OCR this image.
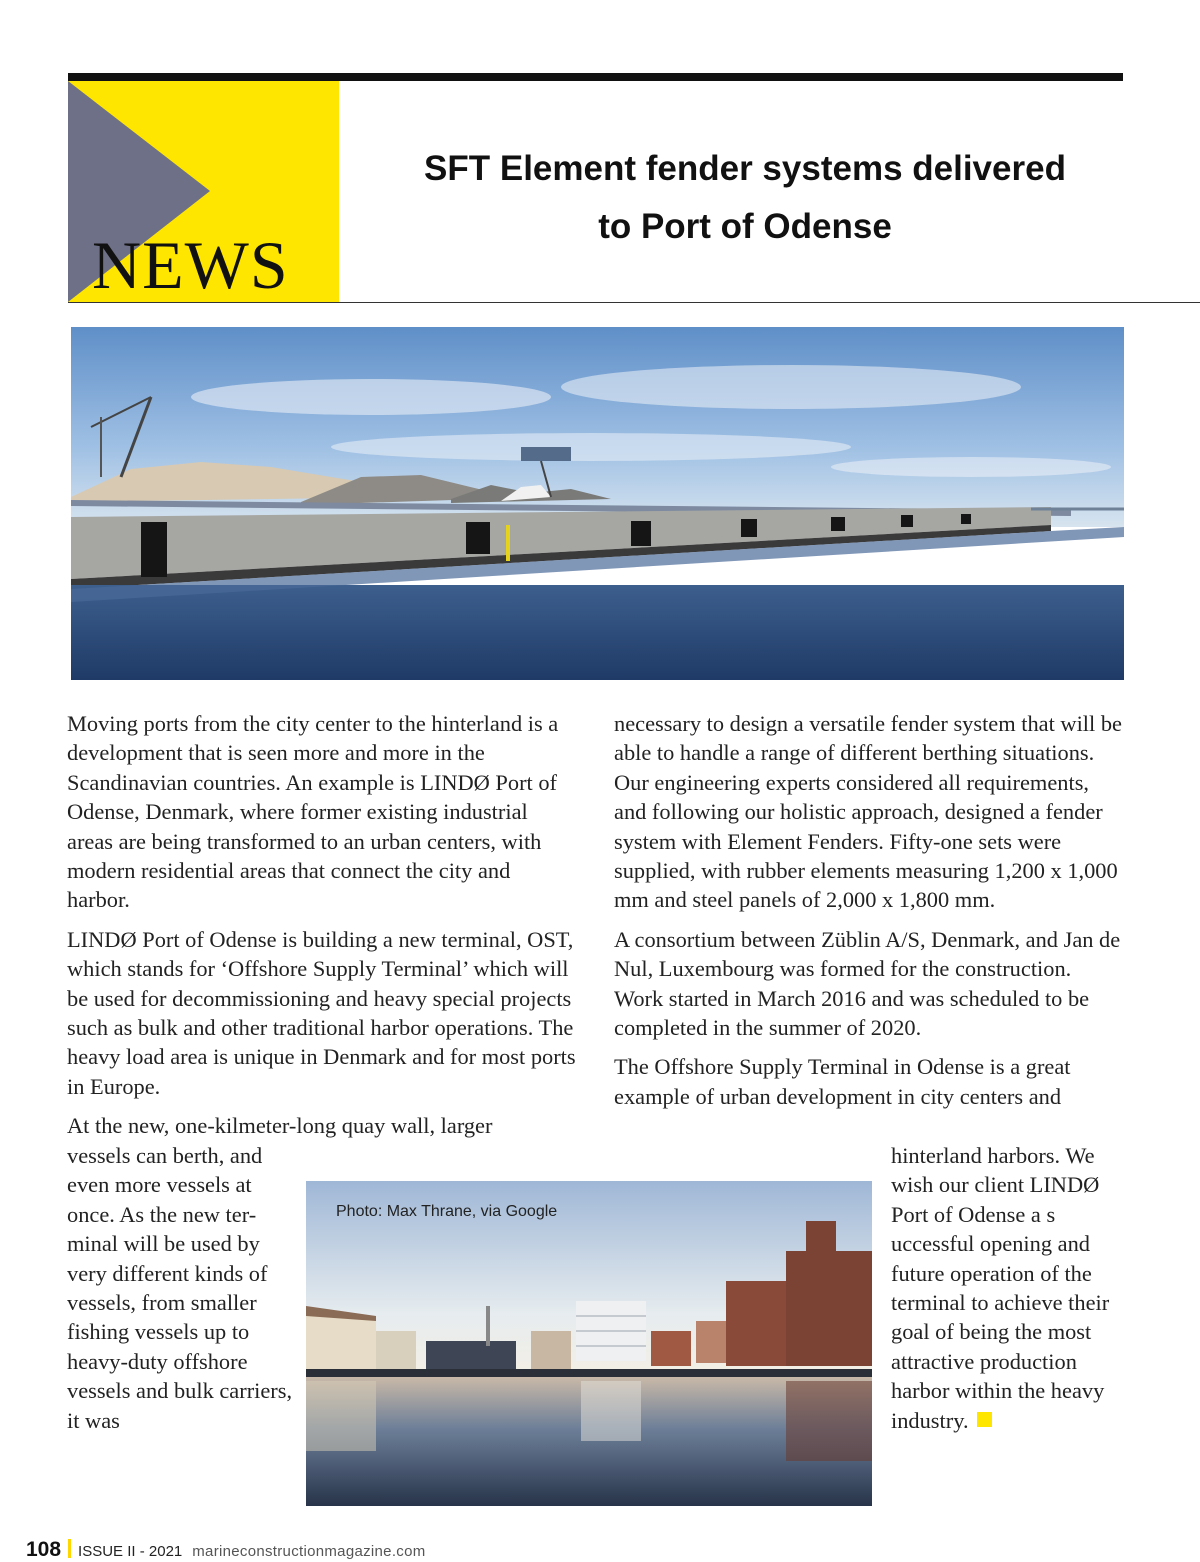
NEWS

SFT Element fender systems delivered
to Port of Odense

Moving ports from the city center to the hinterland is a development that is seen more and more in the Scandinavian countries. An example is LINDØ Port of Odense, Denmark, where former existing industrial areas are being transformed to an urban centers, with modern residential areas that connect the city and harbor.

LINDØ Port of Odense is building a new terminal, OST, which stands for ‘Offshore Supply Terminal’ which will be used for decommissioning and heavy special projects such as bulk and other traditional harbor operations. The heavy load area is unique in Denmark and for most ports in Europe.

At the new, one-kilmeter-long quay wall, larger

vessels can berth, and even more vessels at once. As the new ter-minal will be used by very different kinds of vessels, from smaller fishing vessels up to heavy-duty offshore vessels and bulk carriers, it was

necessary to design a versatile fender system that will be able to handle a range of different berthing situations. Our engineering experts considered all requirements, and following our holistic approach, designed a fender system with Element Fenders. Fifty-one sets were supplied, with rubber elements measuring 1,200 x 1,000 mm and steel panels of 2,000 x 1,800 mm.

A consortium between Züblin A/S, Denmark, and Jan de Nul, Luxembourg was formed for the construction. Work started in March 2016 and was scheduled to be completed in the summer of 2020.

The Offshore Supply Terminal in Odense is a great example of urban development in city centers and

hinterland harbors. We wish our client LINDØ Port of Odense a s uccessful opening and future operation of the terminal to achieve their goal of being the most attractive production harbor within the heavy industry.

Photo: Max Thrane, via Google

108 ISSUE II - 2021 marineconstructionmagazine.com
